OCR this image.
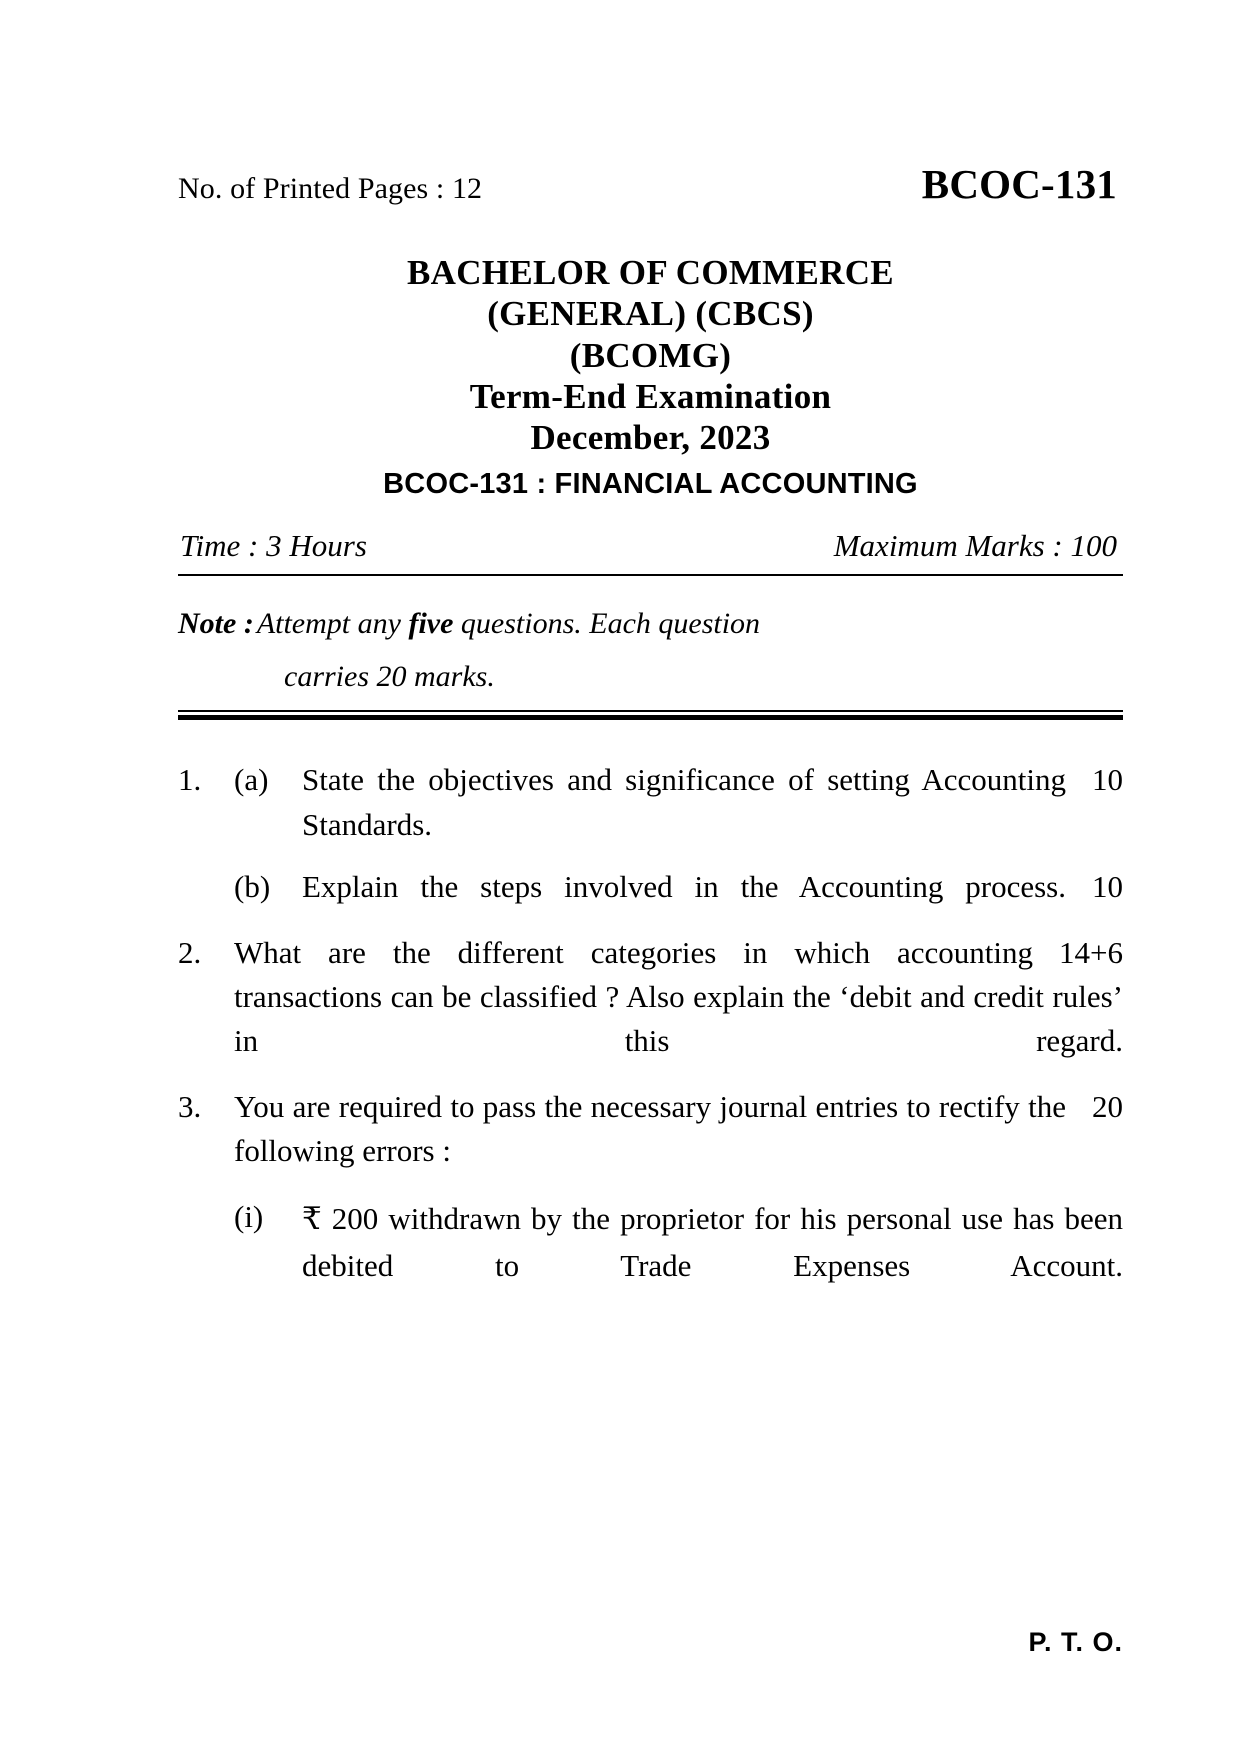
No. of Printed Pages : 12	BCOC-131
BACHELOR OF COMMERCE
(GENERAL) (CBCS)
(BCOMG)
Term-End Examination
December, 2023
BCOC-131 : FINANCIAL ACCOUNTING
Time : 3 Hours	Maximum Marks : 100
Note : Attempt any five questions. Each question
carries 20 marks.
1.	(a)	10
State the objectives and significance of setting Accounting Standards.
(b)	10
Explain the steps involved in the Accounting process.
2.	14+6
What are the different categories in which accounting transactions can be classified ? Also explain the ‘debit and credit rules’ in this regard.
3.	20
You are required to pass the necessary journal entries to rectify the following errors :
(i)	₹ 200 withdrawn by the proprietor for his personal use has been debited to Trade Expenses Account.
P. T. O.
